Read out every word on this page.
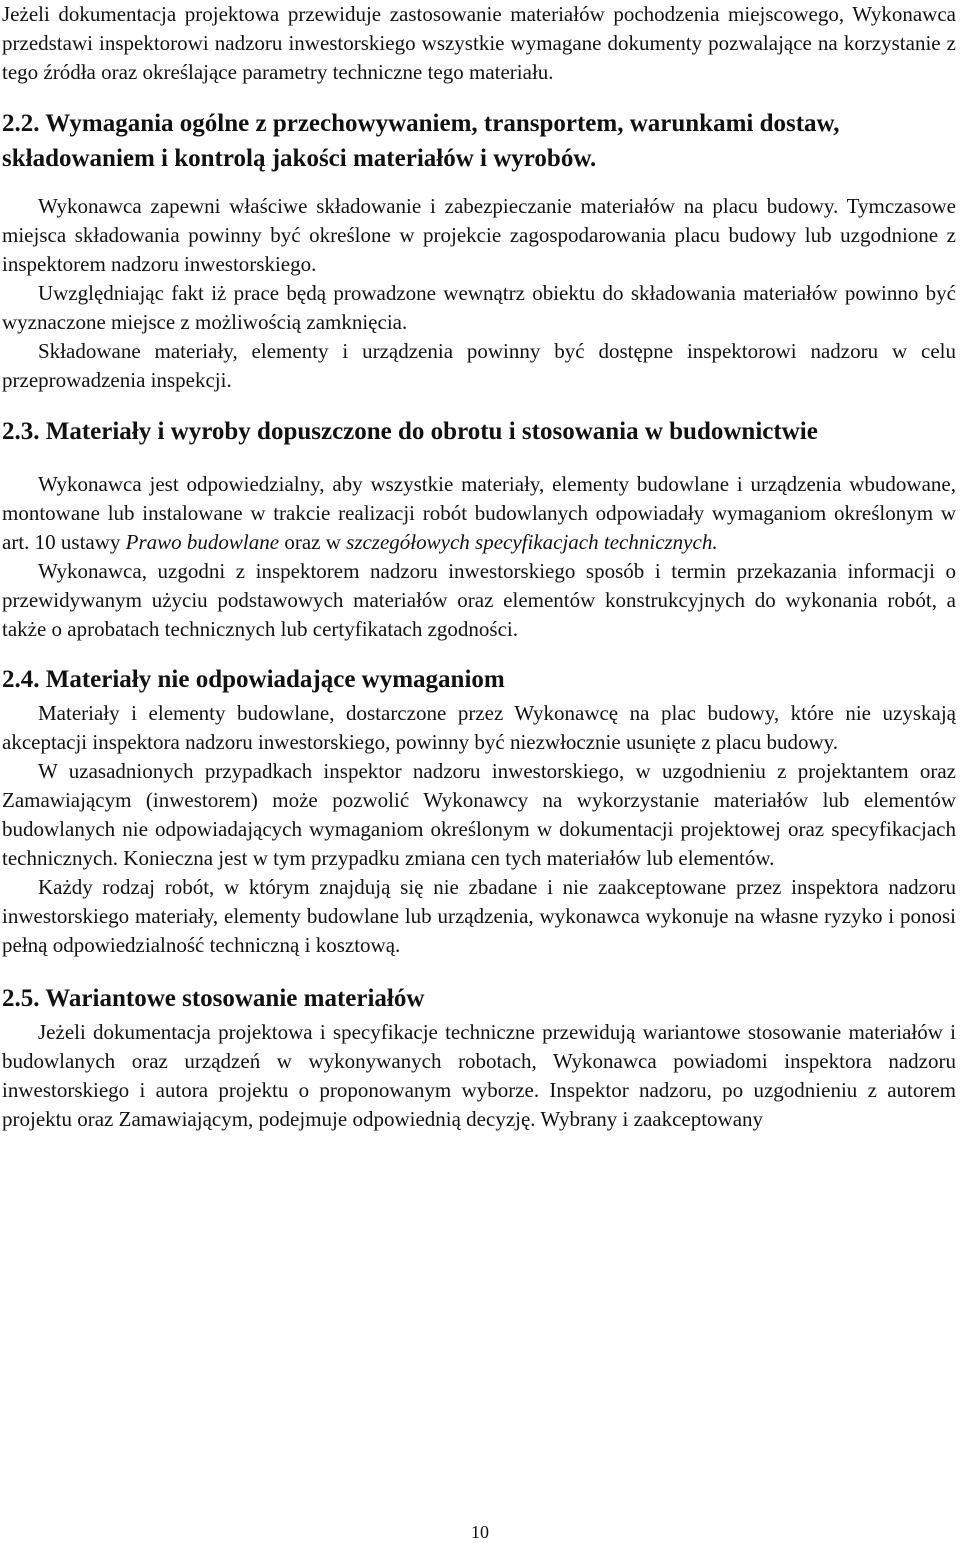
Jeżeli dokumentacja projektowa przewiduje zastosowanie materiałów pochodzenia miejscowego, Wykonawca przedstawi inspektorowi nadzoru inwestorskiego wszystkie wymagane dokumenty pozwalające na korzystanie z tego źródła oraz określające parametry techniczne tego materiału.

2.2. Wymagania ogólne z przechowywaniem, transportem, warunkami dostaw, składowaniem i kontrolą jakości materiałów i wyrobów.

Wykonawca zapewni właściwe składowanie i zabezpieczanie materiałów na placu budowy. Tymczasowe miejsca składowania powinny być określone w projekcie zagospodarowania placu budowy lub uzgodnione z inspektorem nadzoru inwestorskiego.

Uwzględniając fakt iż prace będą prowadzone wewnątrz obiektu do składowania materiałów powinno być wyznaczone miejsce z możliwością zamknięcia.

Składowane materiały, elementy i urządzenia powinny być dostępne inspektorowi nadzoru w celu przeprowadzenia inspekcji.

2.3. Materiały i wyroby dopuszczone do obrotu i stosowania w budownictwie

Wykonawca jest odpowiedzialny, aby wszystkie materiały, elementy budowlane i urządzenia wbudowane, montowane lub instalowane w trakcie realizacji robót budowlanych odpowiadały wymaganiom określonym w art. 10 ustawy Prawo budowlane oraz w szczegółowych specyfikacjach technicznych.

Wykonawca, uzgodni z inspektorem nadzoru inwestorskiego sposób i termin przekazania informacji o przewidywanym użyciu podstawowych materiałów oraz elementów konstrukcyjnych do wykonania robót, a także o aprobatach technicznych lub certyfikatach zgodności.

2.4. Materiały nie odpowiadające wymaganiom

Materiały i elementy budowlane, dostarczone przez Wykonawcę na plac budowy, które nie uzyskają akceptacji inspektora nadzoru inwestorskiego, powinny być niezwłocznie usunięte z placu budowy.

W uzasadnionych przypadkach inspektor nadzoru inwestorskiego, w uzgodnieniu z projektantem oraz Zamawiającym (inwestorem) może pozwolić Wykonawcy na wykorzystanie materiałów lub elementów budowlanych nie odpowiadających wymaganiom określonym w dokumentacji projektowej oraz specyfikacjach technicznych. Konieczna jest w tym przypadku zmiana cen tych materiałów lub elementów.

Każdy rodzaj robót, w którym znajdują się nie zbadane i nie zaakceptowane przez inspektora nadzoru inwestorskiego materiały, elementy budowlane lub urządzenia, wykonawca wykonuje na własne ryzyko i ponosi pełną odpowiedzialność techniczną i kosztową.

2.5. Wariantowe stosowanie materiałów

Jeżeli dokumentacja projektowa i specyfikacje techniczne przewidują wariantowe stosowanie materiałów i budowlanych oraz urządzeń w wykonywanych robotach, Wykonawca powiadomi inspektora nadzoru inwestorskiego i autora projektu o proponowanym wyborze. Inspektor nadzoru, po uzgodnieniu z autorem projektu oraz Zamawiającym, podejmuje odpowiednią decyzję. Wybrany i zaakceptowany

10
